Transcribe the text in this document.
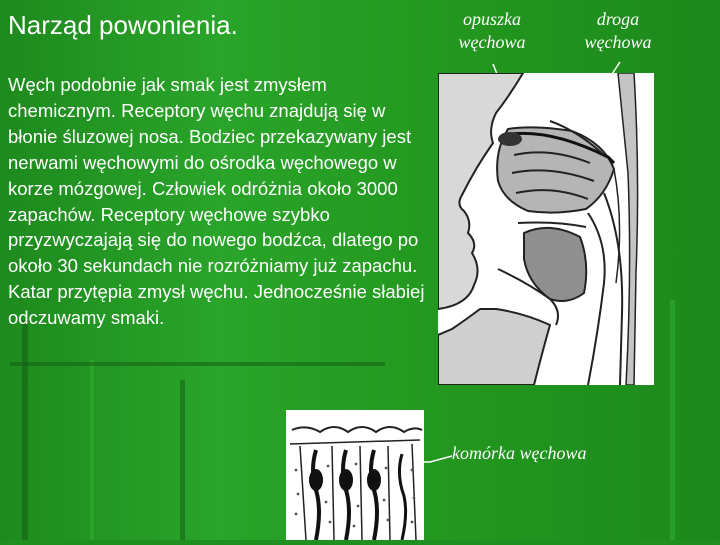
Narząd powonienia.

Węch podobnie jak smak jest zmysłem chemicznym. Receptory węchu znajdują się w błonie śluzowej nosa. Bodziec przekazywany jest nerwami węchowymi do ośrodka węchowego w korze mózgowej. Człowiek odróżnia około 3000 zapachów. Receptory węchowe szybko przyzwyczajają się do nowego bodźca, dlatego po około 30 sekundach nie rozróżniamy już zapachu. Katar przytępia zmysł węchu. Jednocześnie słabiej odczuwamy smaki.

opuszka
węchowa
droga
węchowa
komórka węchowa
